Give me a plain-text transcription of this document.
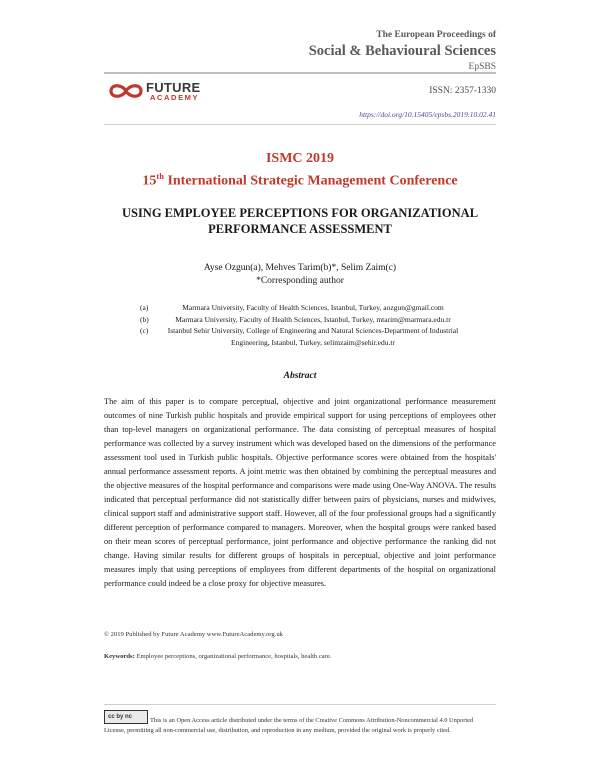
The European Proceedings of
Social & Behavioural Sciences
EpSBS
FUTURE
ACADEMY
ISSN: 2357-1330
https://doi.org/10.15405/epsbs.2019.10.02.41
ISMC 2019
15th International Strategic Management Conference
USING EMPLOYEE PERCEPTIONS FOR ORGANIZATIONAL
PERFORMANCE ASSESSMENT
Ayse Ozgun(a), Mehves Tarim(b)*, Selim Zaim(c)
*Corresponding author
(a)	Marmara University, Faculty of Health Sciences, Istanbul, Turkey, aozgun@gmail.com
(b)	Marmara University, Faculty of Health Sciences, Istanbul, Turkey, mtarim@marmara.edu.tr
(c)	Istanbul Sehir University, College of Engineering and Natural Sciences-Department of Industrial Engineering, Istanbul, Turkey, selimzaim@sehir.edu.tr
Abstract
The aim of this paper is to compare perceptual, objective and joint organizational performance measurement outcomes of nine Turkish public hospitals and provide empirical support for using perceptions of employees other than top-level managers on organizational performance. The data consisting of perceptual measures of hospital performance was collected by a survey instrument which was developed based on the dimensions of the performance assessment tool used in Turkish public hospitals. Objective performance scores were obtained from the hospitals' annual performance assessment reports. A joint metric was then obtained by combining the perceptual measures and the objective measures of the hospital performance and comparisons were made using One-Way ANOVA. The results indicated that perceptual performance did not statistically differ between pairs of physicians, nurses and midwives, clinical support staff and administrative support staff. However, all of the four professional groups had a significantly different perception of performance compared to managers. Moreover, when the hospital groups were ranked based on their mean scores of perceptual performance, joint performance and objective performance the ranking did not change. Having similar results for different groups of hospitals in perceptual, objective and joint performance measures imply that using perceptions of employees from different departments of the hospital on organizational performance could indeed be a close proxy for objective measures.
© 2019 Published by Future Academy www.FutureAcademy.org.uk
Keywords: Employee perceptions, organizational performance, hospitals, health care.
cc by nc	This is an Open Access article distributed under the terms of the Creative Commons Attribution-Noncommercial 4.0 Unported License, permitting all non-commercial use, distribution, and reproduction in any medium, provided the original work is properly cited.
